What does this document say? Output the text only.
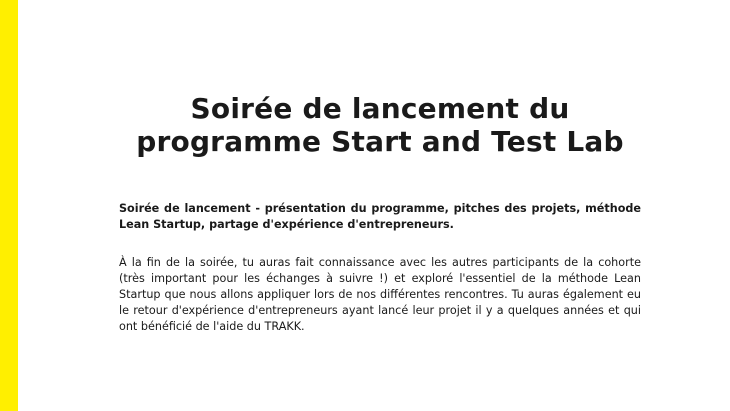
Soirée de lancement du programme Start and Test Lab

Soirée de lancement - présentation du programme, pitches des projets, méthode Lean Startup, partage d'expérience d'entrepreneurs.

À la fin de la soirée, tu auras fait connaissance avec les autres participants de la cohorte (très important pour les échanges à suivre !) et exploré l'essentiel de la méthode Lean Startup que nous allons appliquer lors de nos différentes rencontres. Tu auras également eu le retour d'expérience d'entrepreneurs ayant lancé leur projet il y a quelques années et qui ont bénéficié de l'aide du TRAKK.
